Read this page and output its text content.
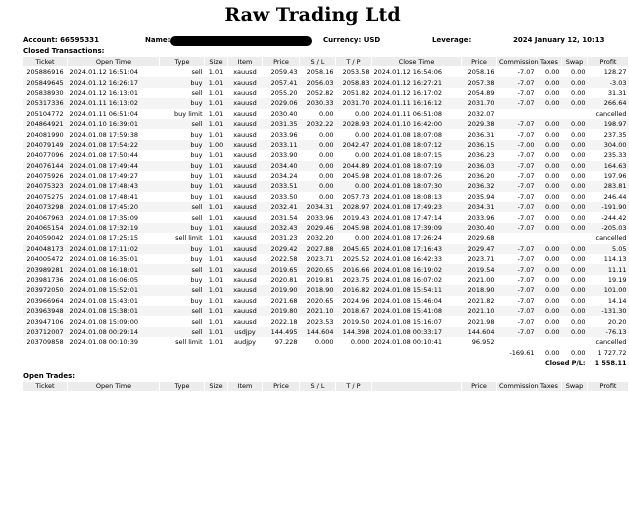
Raw Trading Ltd
Account: 66595331	Name:	Currency: USD	Leverage:	2024 January 12, 10:13
Closed Transactions:
Ticket	Open Time	Type	Size	Item	Price	S / L	T / P	Close Time	Price	Commission	Taxes	Swap	Profit
205886916	2024.01.12 16:51:04	sell	1.01	xauusd	2059.43	2058.16	2053.58	2024.01.12 16:54:06	2058.16	-7.07	0.00	0.00	128.27
205849645	2024.01.12 16:26:17	buy	1.01	xauusd	2057.41	2056.03	2058.83	2024.01.12 16:27:21	2057.38	-7.07	0.00	0.00	-3.03
205838930	2024.01.12 16:13:01	sell	1.01	xauusd	2055.20	2052.82	2051.82	2024.01.12 16:17:02	2054.89	-7.07	0.00	0.00	31.31
205317336	2024.01.11 16:13:02	buy	1.01	xauusd	2029.06	2030.33	2031.70	2024.01.11 16:16:12	2031.70	-7.07	0.00	0.00	266.64
205104772	2024.01.11 06:51:04	buy limit	1.01	xauusd	2030.40	0.00	0.00	2024.01.11 06:51:08	2032.07				cancelled
204864921	2024.01.10 16:39:01	sell	1.01	xauusd	2031.35	2032.22	2028.93	2024.01.10 16:42:00	2029.38	-7.07	0.00	0.00	198.97
204081990	2024.01.08 17:59:38	buy	1.01	xauusd	2033.96	0.00	0.00	2024.01.08 18:07:08	2036.31	-7.07	0.00	0.00	237.35
204079149	2024.01.08 17:54:22	buy	1.00	xauusd	2033.11	0.00	2042.47	2024.01.08 18:07:12	2036.15	-7.00	0.00	0.00	304.00
204077096	2024.01.08 17:50:44	buy	1.01	xauusd	2033.90	0.00	0.00	2024.01.08 18:07:15	2036.23	-7.07	0.00	0.00	235.33
204076144	2024.01.08 17:49:44	buy	1.01	xauusd	2034.40	0.00	2044.89	2024.01.08 18:07:19	2036.03	-7.07	0.00	0.00	164.63
204075926	2024.01.08 17:49:27	buy	1.01	xauusd	2034.24	0.00	2045.98	2024.01.08 18:07:26	2036.20	-7.07	0.00	0.00	197.96
204075323	2024.01.08 17:48:43	buy	1.01	xauusd	2033.51	0.00	0.00	2024.01.08 18:07:30	2036.32	-7.07	0.00	0.00	283.81
204075275	2024.01.08 17:48:41	buy	1.01	xauusd	2033.50	0.00	2057.73	2024.01.08 18:08:13	2035.94	-7.07	0.00	0.00	246.44
204073298	2024.01.08 17:45:20	sell	1.01	xauusd	2032.41	2034.31	2028.97	2024.01.08 17:49:23	2034.31	-7.07	0.00	0.00	-191.90
204067963	2024.01.08 17:35:09	sell	1.01	xauusd	2031.54	2033.96	2019.43	2024.01.08 17:47:14	2033.96	-7.07	0.00	0.00	-244.42
204065154	2024.01.08 17:32:19	buy	1.01	xauusd	2032.43	2029.46	2045.98	2024.01.08 17:39:09	2030.40	-7.07	0.00	0.00	-205.03
204059042	2024.01.08 17:25:15	sell limit	1.01	xauusd	2031.23	2032.20	0.00	2024.01.08 17:26:24	2029.68				cancelled
204048173	2024.01.08 17:11:02	buy	1.01	xauusd	2029.42	2027.88	2045.65	2024.01.08 17:16:43	2029.47	-7.07	0.00	0.00	5.05
204005472	2024.01.08 16:35:01	buy	1.01	xauusd	2022.58	2023.71	2025.52	2024.01.08 16:42:33	2023.71	-7.07	0.00	0.00	114.13
203989281	2024.01.08 16:18:01	sell	1.01	xauusd	2019.65	2020.65	2016.66	2024.01.08 16:19:02	2019.54	-7.07	0.00	0.00	11.11
203981736	2024.01.08 16:06:05	buy	1.01	xauusd	2020.81	2019.81	2023.75	2024.01.08 16:07:02	2021.00	-7.07	0.00	0.00	19.19
203972050	2024.01.08 15:52:01	sell	1.01	xauusd	2019.90	2018.90	2016.82	2024.01.08 15:54:11	2018.90	-7.07	0.00	0.00	101.00
203966964	2024.01.08 15:43:01	buy	1.01	xauusd	2021.68	2020.65	2024.96	2024.01.08 15:46:04	2021.82	-7.07	0.00	0.00	14.14
203963948	2024.01.08 15:38:01	sell	1.01	xauusd	2019.80	2021.10	2018.67	2024.01.08 15:41:08	2021.10	-7.07	0.00	0.00	-131.30
203947106	2024.01.08 15:09:00	sell	1.01	xauusd	2022.18	2023.53	2019.50	2024.01.08 15:16:07	2021.98	-7.07	0.00	0.00	20.20
203712007	2024.01.08 00:29:14	sell	1.01	usdjpy	144.495	144.604	144.398	2024.01.08 00:33:17	144.604	-7.07	0.00	0.00	-76.13
203709858	2024.01.08 00:10:39	sell limit	1.01	audjpy	97.228	0.000	0.000	2024.01.08 00:10:41	96.952				cancelled
										-169.61	0.00	0.00	1 727.72
										Closed P/L:			1 558.11
Open Trades:
Ticket	Open Time	Type	Size	Item	Price	S / L	T / P		Price	Commission	Taxes	Swap	Profit
